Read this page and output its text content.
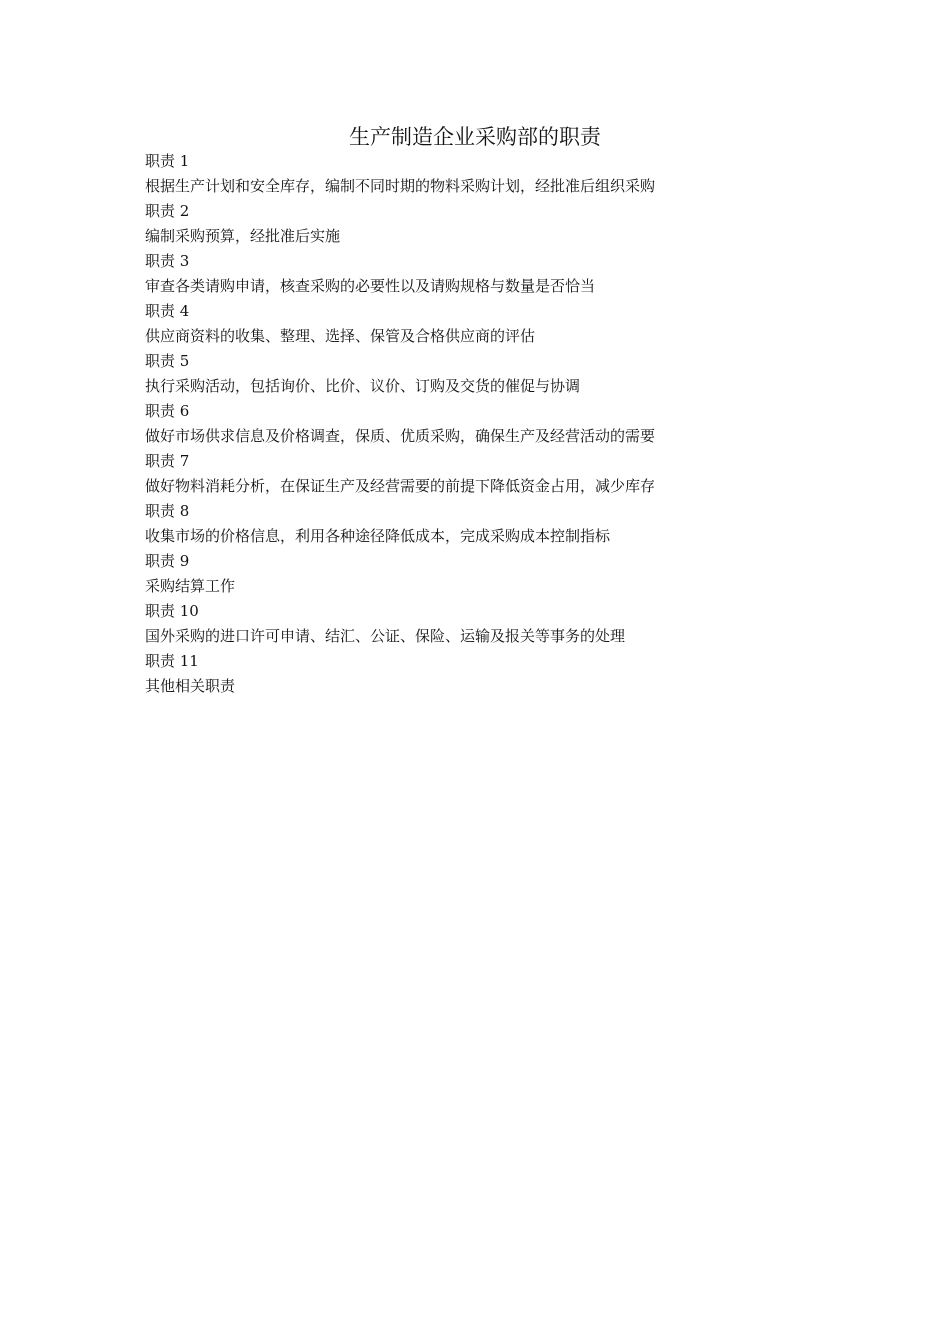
生产制造企业采购部的职责
职责 1
根据生产计划和安全库存，编制不同时期的物料采购计划，经批准后组织采购
职责 2
编制采购预算，经批准后实施
职责 3
审查各类请购申请，核查采购的必要性以及请购规格与数量是否恰当
职责 4
供应商资料的收集、整理、选择、保管及合格供应商的评估
职责 5
执行采购活动，包括询价、比价、议价、订购及交货的催促与协调
职责 6
做好市场供求信息及价格调查，保质、优质采购，确保生产及经营活动的需要
职责 7
做好物料消耗分析，在保证生产及经营需要的前提下降低资金占用，减少库存
职责 8
收集市场的价格信息，利用各种途径降低成本，完成采购成本控制指标
职责 9
采购结算工作
职责 10
国外采购的进口许可申请、结汇、公证、保险、运输及报关等事务的处理
职责 11
其他相关职责
